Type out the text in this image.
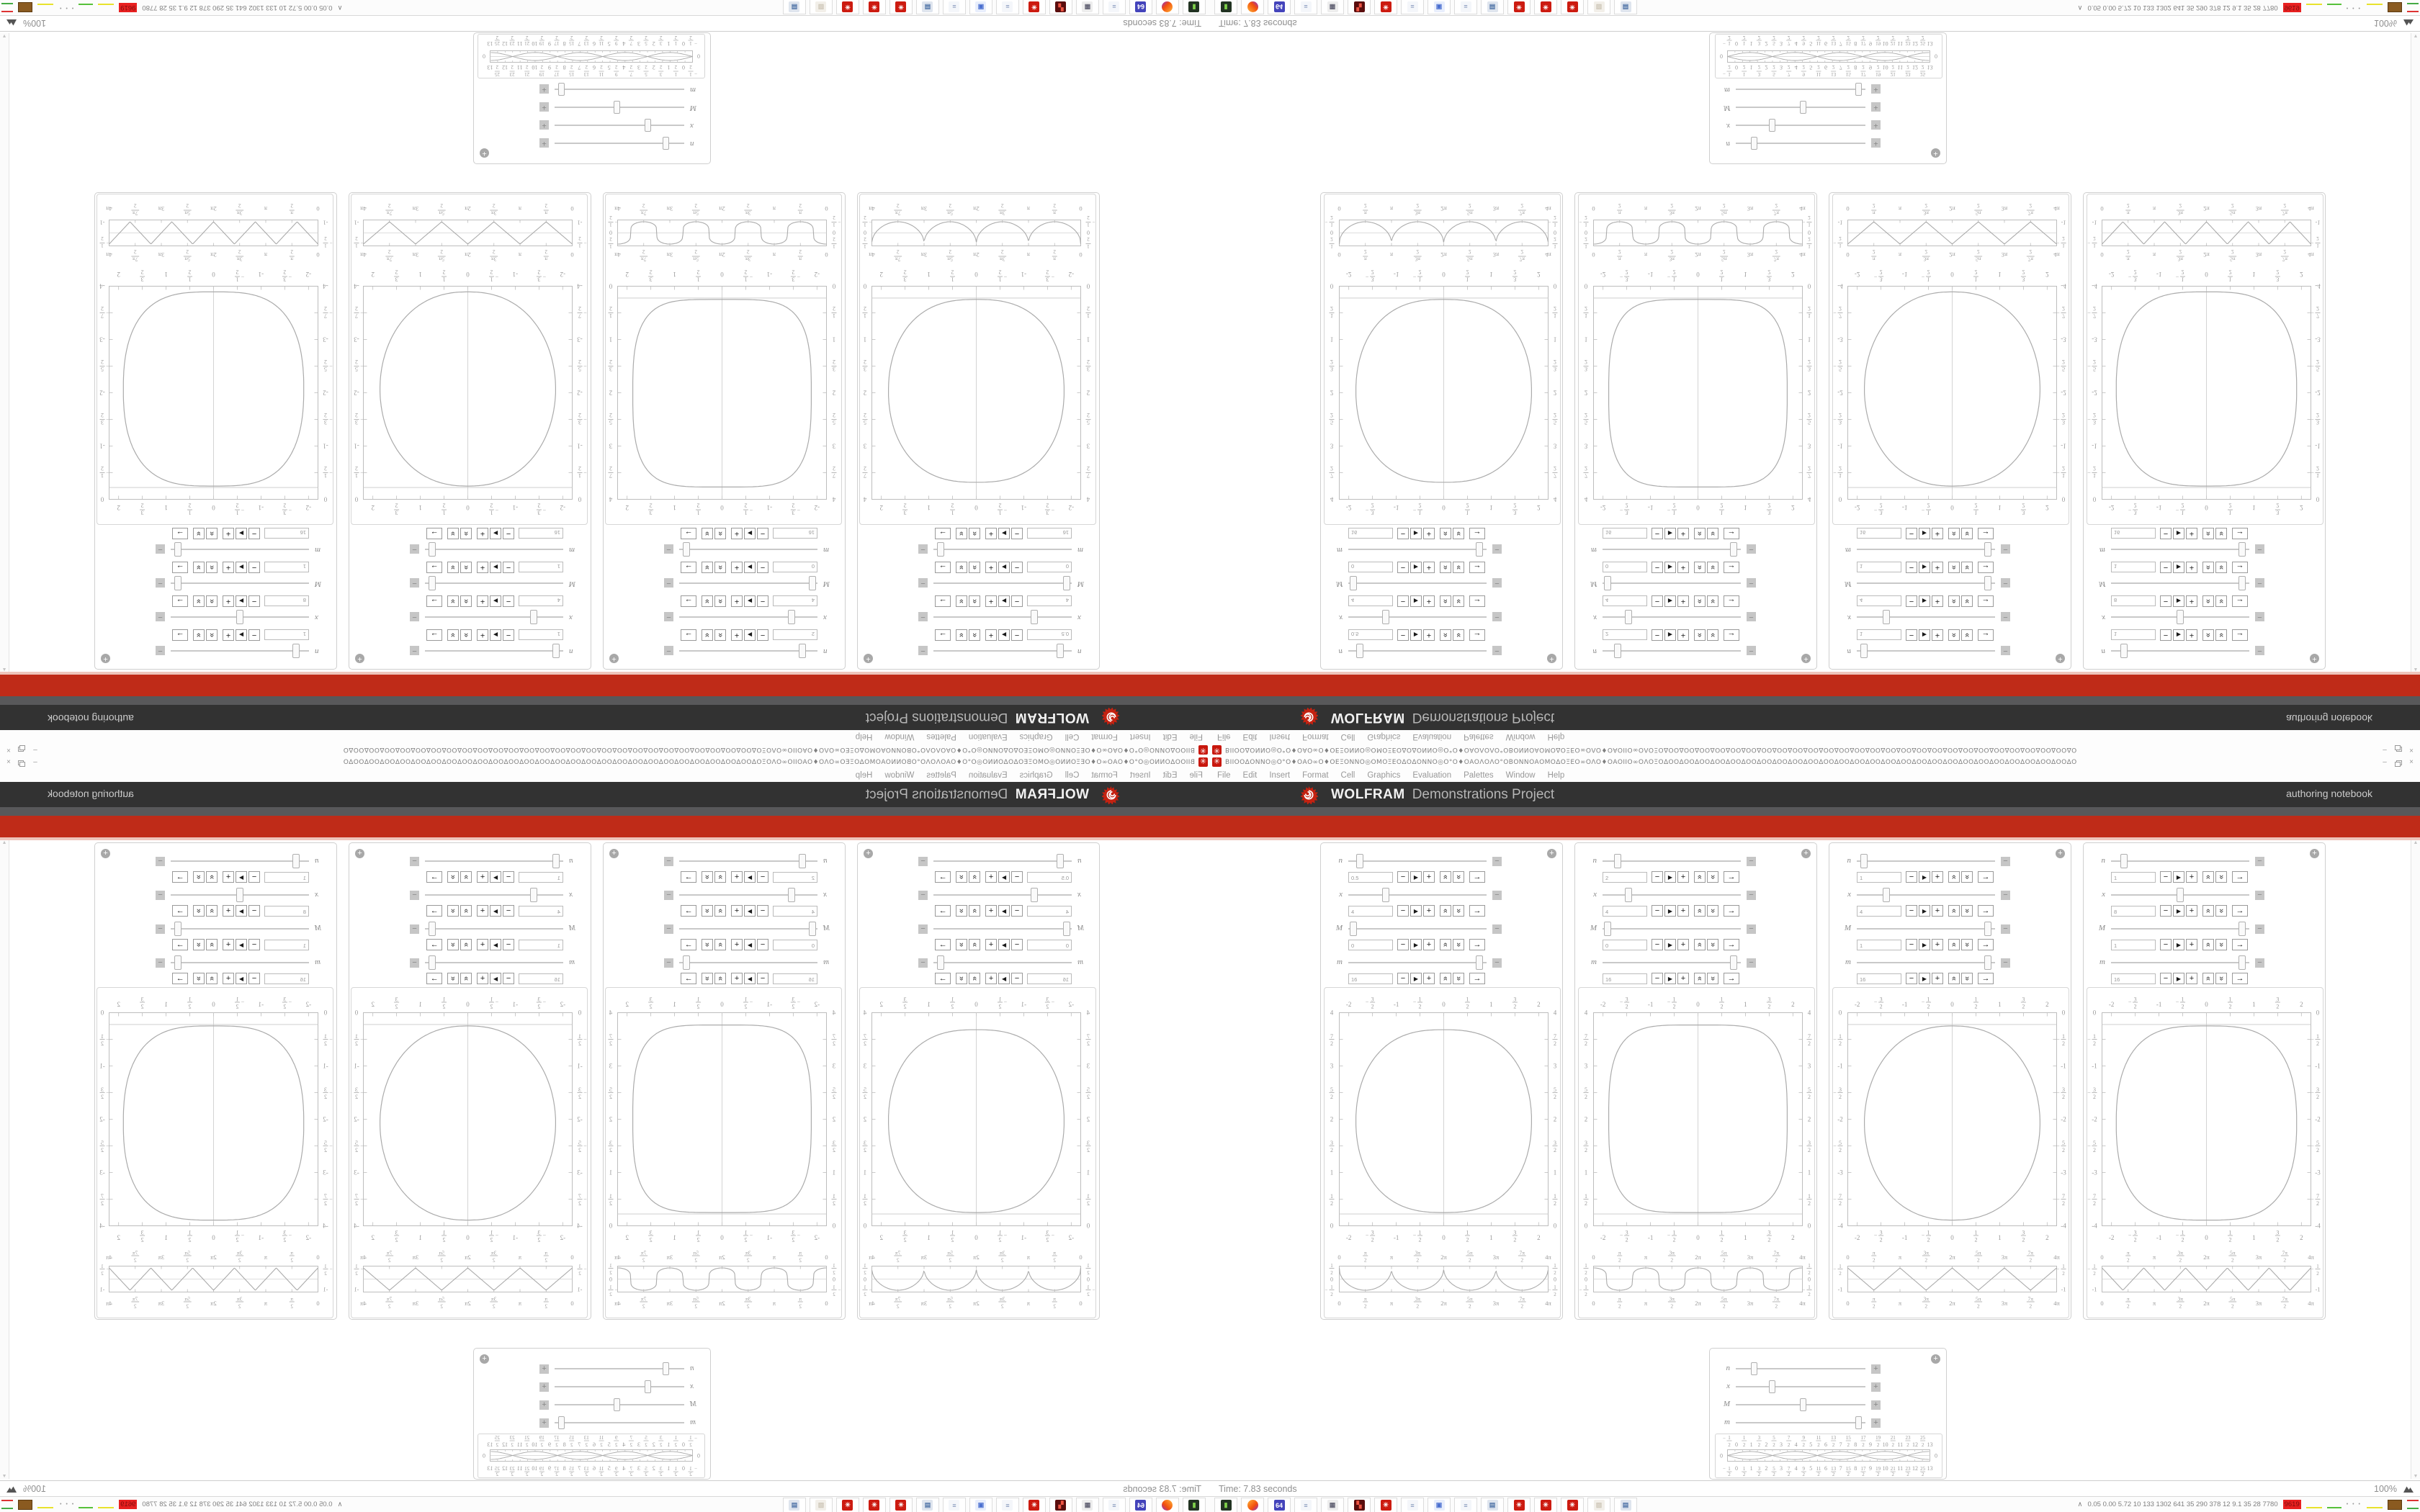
✳
ΒΙΙΟΟΔΟΝΝΟ◎Ο°Ο♦ΟΑΟ∞Ο♦ΟΕΞΟΝΝΟ◎ΟΜΟΞΕΟΔΟΔΟΝΝΟ◎Ο°Ο♦ΟΑΟΛΟΛΟ°ΟΒΟΝΝΟΑΟΜΟΔΟΞΕΟ∞ΟΛΟ♦ΟΑΟΙΙΟ∞ΟΛΟΞΟΔΟΟΔΟΟΔΟΟΔΟΟΔΟΟΔΟΟΔΟΟΔΟΟΔΟΟΔΟΟΔΟΟΔΟΟΔΟΟΔΟΟΔΟΟΔΟΟΔΟΟΔΟΟΔΟΟΔΟΟΔΟΟΔΟΟΔΟΟΔΟΟΔΟΟΔΟΟΔΟ
–
×
File
Edit
Insert
Format
Cell
Graphics
Evaluation
Palettes
Window
Help
WOLFRAM
Demonstrations Project
authoring notebook
+
n
−
0.5
−
▶
+
»
»
→
x
−
4
−
▶
+
»
»
→
M
−
0
−
▶
+
»
»
→
m
−
16
−
▶
+
»
»
→
-2
-2
−
3
2
−
3
2
-1
-1
−
1
2
−
1
2
0
0
1
2
1
2
1
1
3
2
3
2
2
2
4
4
7
2
7
2
3
3
5
2
5
2
2
2
3
2
3
2
1
1
1
2
1
2
0
0
0
0
π
2
π
2
π
π
3π
2
3π
2
2π
2π
5π
2
5π
2
3π
3π
7π
2
7π
2
4π
4π
1
2
1
2
0
0
−
1
2
−
1
2
+
n
−
2
−
▶
+
»
»
→
x
−
4
−
▶
+
»
»
→
M
−
0
−
▶
+
»
»
→
m
−
16
−
▶
+
»
»
→
-2
-2
−
3
2
−
3
2
-1
-1
−
1
2
−
1
2
0
0
1
2
1
2
1
1
3
2
3
2
2
2
4
4
7
2
7
2
3
3
5
2
5
2
2
2
3
2
3
2
1
1
1
2
1
2
0
0
0
0
π
2
π
2
π
π
3π
2
3π
2
2π
2π
5π
2
5π
2
3π
3π
7π
2
7π
2
4π
4π
1
2
1
2
0
0
−
1
2
−
1
2
+
n
−
1
−
▶
+
»
»
→
x
−
4
−
▶
+
»
»
→
M
−
1
−
▶
+
»
»
→
m
−
16
−
▶
+
»
»
→
-2
-2
−
3
2
−
3
2
-1
-1
−
1
2
−
1
2
0
0
1
2
1
2
1
1
3
2
3
2
2
2
0
0
−
1
2
−
1
2
-1
-1
−
3
2
−
3
2
-2
-2
−
5
2
−
5
2
-3
-3
−
7
2
−
7
2
-4
-4
0
0
π
2
π
2
π
π
3π
2
3π
2
2π
2π
5π
2
5π
2
3π
3π
7π
2
7π
2
4π
4π
−
1
2
−
1
2
-1
-1
+
n
−
1
−
▶
+
»
»
→
x
−
8
−
▶
+
»
»
→
M
−
1
−
▶
+
»
»
→
m
−
16
−
▶
+
»
»
→
-2
-2
−
3
2
−
3
2
-1
-1
−
1
2
−
1
2
0
0
1
2
1
2
1
1
3
2
3
2
2
2
0
0
−
1
2
−
1
2
-1
-1
−
3
2
−
3
2
-2
-2
−
5
2
−
5
2
-3
-3
−
7
2
−
7
2
-4
-4
0
0
π
2
π
2
π
π
3π
2
3π
2
2π
2π
5π
2
5π
2
3π
3π
7π
2
7π
2
4π
4π
−
1
2
−
1
2
-1
-1
+
n
+
x
+
M
+
m
+
0
0
−
1
2
0
1
0
2
−
1
2
1
1
1
2
3
2
2
3
2
2
5
2
3
5
3
2
7
2
4
7
4
2
9
2
5
9
5
2
11
2
6
11
6
2
13
2
7
13
7
2
15
2
8
15
8
2
17
2
9
17
9
2
19
2
10
19
10
2
21
2
11
21
11
2
23
2
12
23
12
2
25
2
13
25
13
2
▲
▼
Time: 7.83 seconds
100%
▮
64
≡
▦
▚
✳
≡
▣
≡
▤
✳
✳
✳
▨
▤
∧
0.05 0.00 5.72 10 133 1302 641 35 290 378 12 9.1 35 28 7780
9619
• • •
✳ ΒΙΙΟΟΔΟΝΝΟ◎Ο°Ο♦ΟΑΟ∞Ο♦ΟΕΞΟΝΝΟ◎ΟΜΟΞΕΟΔΟΔΟΝΝΟ◎Ο°Ο♦ΟΑΟΛΟΛΟ°ΟΒΟΝΝΟΑΟΜΟΔΟΞΕΟ∞ΟΛΟ♦ΟΑΟΙΙΟ∞ΟΛΟΞΟΔΟΟΔΟΟΔΟΟΔΟΟΔΟΟΔΟΟΔΟΟΔΟΟΔΟΟΔΟΟΔΟΟΔΟΟΔΟΟΔΟΟΔΟΟΔΟΟΔΟΟΔΟΟΔΟΟΔΟΟΔΟΟΔΟΟΔΟΟΔΟΟΔΟΟΔΟΟΔΟ	–	×
File Edit Insert Format Cell Graphics Evaluation Palettes Window Help
WOLFRAM Demonstrations Project	authoring notebook
+
n	−
0.5	−	▶	+	» »	→
x	−
4	−	▶	+	» »	→
M	−
0	−	▶	+	» »	→
m	−
16	−	▶	+	» »	→
-2
-2
− 3
2
− 3
2
-1
-1
− 1
2
− 1
2
0
0
1
2
1
2
1
1
3
2
3
2
2
2
4	4
7
2
7
2
3	3
5
2
5
2
2	2
3
2
3
2
1	1
1
2
1
2
0	0
0
0
π
2
π
2
π
π
3π
2
3π
2
2π
2π
5π
2
5π
2
3π
3π
7π
2
7π
2
4π
4π
1
2
1
2
0	0
− 1
2
− 1
2
+
n	−
2	−	▶	+	» »	→
x	−
4	−	▶	+	» »	→
M	−
0	−	▶	+	» »	→
m	−
16	−	▶	+	» »	→
-2
-2
− 3
2
− 3
2
-1
-1
− 1
2
− 1
2
0
0
1
2
1
2
1
1
3
2
3
2
2
2
4	4
7
2
7
2
3	3
5
2
5
2
2	2
3
2
3
2
1	1
1
2
1
2
0	0
0
0
π
2
π
2
π
π
3π
2
3π
2
2π
2π
5π
2
5π
2
3π
3π
7π
2
7π
2
4π
4π
1
2
1
2
0	0
− 1
2
− 1
2
+
n	−
1	−	▶	+	» »	→
x	−
4	−	▶	+	» »	→
M	−
1	−	▶	+	» »	→
m	−
16	−	▶	+	» »	→
-2
-2
− 3
2
− 3
2
-1
-1
− 1
2
− 1
2
0
0
1
2
1
2
1
1
3
2
3
2
2
2
0	0
− 1
2
− 1
2
-1	-1
− 3
2
− 3
2
-2	-2
− 5
2
− 5
2
-3	-3
− 7
2
− 7
2
-4	-4
0
0
π
2
π
2
π
π
3π
2
3π
2
2π
2π
5π
2
5π
2
3π
3π
7π
2
7π
2
4π
4π
− 1
2
− 1
2
-1	-1
+
n	−
1	−	▶	+	» »	→
x	−
8	−	▶	+	» »	→
M	−
1	−	▶	+	» »	→
m	−
16	−	▶	+	» »	→
-2
-2
− 3
2
− 3
2
-1
-1
− 1
2
− 1
2
0
0
1
2
1
2
1
1
3
2
3
2
2
2
0	0
− 1
2
− 1
2
-1	-1
− 3
2
− 3
2
-2	-2
− 5
2
− 5
2
-3	-3
− 7
2
− 7
2
-4	-4
0
0
π
2
π
2
π
π
3π
2
3π
2
2π
2π
5π
2
5π
2
3π
3π
7π
2
7π
2
4π
4π
− 1
2
− 1
2
-1	-1
+
n	+
x	+
M	+
m	+
0	0
− 1
2 0
1 0
2
−
1
2 1
1 1
2
3
2 2
3 2
2
5
2 3
5 3
2
7
2 4
7 4
2
9
2 5
9 5
2
11
2 6
11 6
2
13
2 7
13 7
2
15
2 8
15 8
2
17
2 9
17 9
2
19
2 10
19 10
2
21
2 11
21 11
2
23
2 12
23 12
2
25
2 13
25 13
2
▲
▼
Time: 7.83 seconds	100%
▮	64	≡	▦	▚	✳	≡	▣	≡	▤	✳	✳	✳	▨	▤	∧ 0.05 0.00 5.72 10 133 1302 641 35 290 378 12 9.1 35 28 7780 9619	• • •
✳
ΒΙΙΟΟΔΟΝΝΟ◎Ο°Ο♦ΟΑΟ∞Ο♦ΟΕΞΟΝΝΟ◎ΟΜΟΞΕΟΔΟΔΟΝΝΟ◎Ο°Ο♦ΟΑΟΛΟΛΟ°ΟΒΟΝΝΟΑΟΜΟΔΟΞΕΟ∞ΟΛΟ♦ΟΑΟΙΙΟ∞ΟΛΟΞΟΔΟΟΔΟΟΔΟΟΔΟΟΔΟΟΔΟΟΔΟΟΔΟΟΔΟΟΔΟΟΔΟΟΔΟΟΔΟΟΔΟΟΔΟΟΔΟΟΔΟΟΔΟΟΔΟΟΔΟΟΔΟΟΔΟΟΔΟΟΔΟΟΔΟΟΔΟΟΔΟ
–
×
File
Edit
Insert
Format
Cell
Graphics
Evaluation
Palettes
Window
Help
WOLFRAM
Demonstrations Project
authoring notebook
+
n
−
0.5
−
▶
+
»
»
→
x
−
4
−
▶
+
»
»
→
M
−
0
−
▶
+
»
»
→
m
−
16
−
▶
+
»
»
→
-2
-2
−
3
2
−
3
2
-1
-1
−
1
2
−
1
2
0
0
1
2
1
2
1
1
3
2
3
2
2
2
4
4
7
2
7
2
3
3
5
2
5
2
2
2
3
2
3
2
1
1
1
2
1
2
0
0
0
0
π
2
π
2
π
π
3π
2
3π
2
2π
2π
5π
2
5π
2
3π
3π
7π
2
7π
2
4π
4π
1
2
1
2
0
0
−
1
2
−
1
2
+
n
−
2
−
▶
+
»
»
→
x
−
4
−
▶
+
»
»
→
M
−
0
−
▶
+
»
»
→
m
−
16
−
▶
+
»
»
→
-2
-2
−
3
2
−
3
2
-1
-1
−
1
2
−
1
2
0
0
1
2
1
2
1
1
3
2
3
2
2
2
4
4
7
2
7
2
3
3
5
2
5
2
2
2
3
2
3
2
1
1
1
2
1
2
0
0
0
0
π
2
π
2
π
π
3π
2
3π
2
2π
2π
5π
2
5π
2
3π
3π
7π
2
7π
2
4π
4π
1
2
1
2
0
0
−
1
2
−
1
2
+
n
−
1
−
▶
+
»
»
→
x
−
4
−
▶
+
»
»
→
M
−
1
−
▶
+
»
»
→
m
−
16
−
▶
+
»
»
→
-2
-2
−
3
2
−
3
2
-1
-1
−
1
2
−
1
2
0
0
1
2
1
2
1
1
3
2
3
2
2
2
0
0
−
1
2
−
1
2
-1
-1
−
3
2
−
3
2
-2
-2
−
5
2
−
5
2
-3
-3
−
7
2
−
7
2
-4
-4
0
0
π
2
π
2
π
π
3π
2
3π
2
2π
2π
5π
2
5π
2
3π
3π
7π
2
7π
2
4π
4π
−
1
2
−
1
2
-1
-1
+
n
−
1
−
▶
+
»
»
→
x
−
8
−
▶
+
»
»
→
M
−
1
−
▶
+
»
»
→
m
−
16
−
▶
+
»
»
→
-2
-2
−
3
2
−
3
2
-1
-1
−
1
2
−
1
2
0
0
1
2
1
2
1
1
3
2
3
2
2
2
0
0
−
1
2
−
1
2
-1
-1
−
3
2
−
3
2
-2
-2
−
5
2
−
5
2
-3
-3
−
7
2
−
7
2
-4
-4
0
0
π
2
π
2
π
π
3π
2
3π
2
2π
2π
5π
2
5π
2
3π
3π
7π
2
7π
2
4π
4π
−
1
2
−
1
2
-1
-1
+
n
+
x
+
M
+
m
+
0
0
−
1
2
0
1
0
2
−
1
2
1
1
1
2
3
2
2
3
2
2
5
2
3
5
3
2
7
2
4
7
4
2
9
2
5
9
5
2
11
2
6
11
6
2
13
2
7
13
7
2
15
2
8
15
8
2
17
2
9
17
9
2
19
2
10
19
10
2
21
2
11
21
11
2
23
2
12
23
12
2
25
2
13
25
13
2
▲
▼
Time: 7.83 seconds
100%
▮
64
≡
▦
▚
✳
≡
▣
≡
▤
✳
✳
✳
▨
▤
∧
0.05 0.00 5.72 10 133 1302 641 35 290 378 12 9.1 35 28 7780
9619
• • •
✳ ΒΙΙΟΟΔΟΝΝΟ◎Ο°Ο♦ΟΑΟ∞Ο♦ΟΕΞΟΝΝΟ◎ΟΜΟΞΕΟΔΟΔΟΝΝΟ◎Ο°Ο♦ΟΑΟΛΟΛΟ°ΟΒΟΝΝΟΑΟΜΟΔΟΞΕΟ∞ΟΛΟ♦ΟΑΟΙΙΟ∞ΟΛΟΞΟΔΟΟΔΟΟΔΟΟΔΟΟΔΟΟΔΟΟΔΟΟΔΟΟΔΟΟΔΟΟΔΟΟΔΟΟΔΟΟΔΟΟΔΟΟΔΟΟΔΟΟΔΟΟΔΟΟΔΟΟΔΟΟΔΟΟΔΟΟΔΟΟΔΟΟΔΟΟΔΟ	–	×
File Edit Insert Format Cell Graphics Evaluation Palettes Window Help
WOLFRAM Demonstrations Project	authoring notebook
+
n	−
0.5	−	▶	+	» »	→
x	−
4	−	▶	+	» »	→
M	−
0	−	▶	+	» »	→
m	−
16	−	▶	+	» »	→
-2
-2
− 3
2
− 3
2
-1
-1
− 1
2
− 1
2
0
0
1
2
1
2
1
1
3
2
3
2
2
2
4	4
7
2
7
2
3	3
5
2
5
2
2	2
3
2
3
2
1	1
1
2
1
2
0	0
0
0
π
2
π
2
π
π
3π
2
3π
2
2π
2π
5π
2
5π
2
3π
3π
7π
2
7π
2
4π
4π
1
2
1
2
0	0
− 1
2
− 1
2
+
n	−
2	−	▶	+	» »	→
x	−
4	−	▶	+	» »	→
M	−
0	−	▶	+	» »	→
m	−
16	−	▶	+	» »	→
-2
-2
− 3
2
− 3
2
-1
-1
− 1
2
− 1
2
0
0
1
2
1
2
1
1
3
2
3
2
2
2
4	4
7
2
7
2
3	3
5
2
5
2
2	2
3
2
3
2
1	1
1
2
1
2
0	0
0
0
π
2
π
2
π
π
3π
2
3π
2
2π
2π
5π
2
5π
2
3π
3π
7π
2
7π
2
4π
4π
1
2
1
2
0	0
− 1
2
− 1
2
+
n	−
1	−	▶	+	» »	→
x	−
4	−	▶	+	» »	→
M	−
1	−	▶	+	» »	→
m	−
16	−	▶	+	» »	→
-2
-2
− 3
2
− 3
2
-1
-1
− 1
2
− 1
2
0
0
1
2
1
2
1
1
3
2
3
2
2
2
0	0
− 1
2
− 1
2
-1	-1
− 3
2
− 3
2
-2	-2
− 5
2
− 5
2
-3	-3
− 7
2
− 7
2
-4	-4
0
0
π
2
π
2
π
π
3π
2
3π
2
2π
2π
5π
2
5π
2
3π
3π
7π
2
7π
2
4π
4π
− 1
2
− 1
2
-1	-1
+
n	−
1	−	▶	+	» »	→
x	−
8	−	▶	+	» »	→
M	−
1	−	▶	+	» »	→
m	−
16	−	▶	+	» »	→
-2
-2
− 3
2
− 3
2
-1
-1
− 1
2
− 1
2
0
0
1
2
1
2
1
1
3
2
3
2
2
2
0	0
− 1
2
− 1
2
-1	-1
− 3
2
− 3
2
-2	-2
− 5
2
− 5
2
-3	-3
− 7
2
− 7
2
-4	-4
0
0
π
2
π
2
π
π
3π
2
3π
2
2π
2π
5π
2
5π
2
3π
3π
7π
2
7π
2
4π
4π
− 1
2
− 1
2
-1	-1
+
n	+
x	+
M	+
m	+
0	0
− 1
2 0
1 0
2
−
1
2 1
1 1
2
3
2 2
3 2
2
5
2 3
5 3
2
7
2 4
7 4
2
9
2 5
9 5
2
11
2 6
11 6
2
13
2 7
13 7
2
15
2 8
15 8
2
17
2 9
17 9
2
19
2 10
19 10
2
21
2 11
21 11
2
23
2 12
23 12
2
25
2 13
25 13
2
▲
▼
Time: 7.83 seconds	100%
▮	64	≡	▦	▚	✳	≡	▣	≡	▤	✳	✳	✳	▨	▤	∧ 0.05 0.00 5.72 10 133 1302 641 35 290 378 12 9.1 35 28 7780 9619	• • •
